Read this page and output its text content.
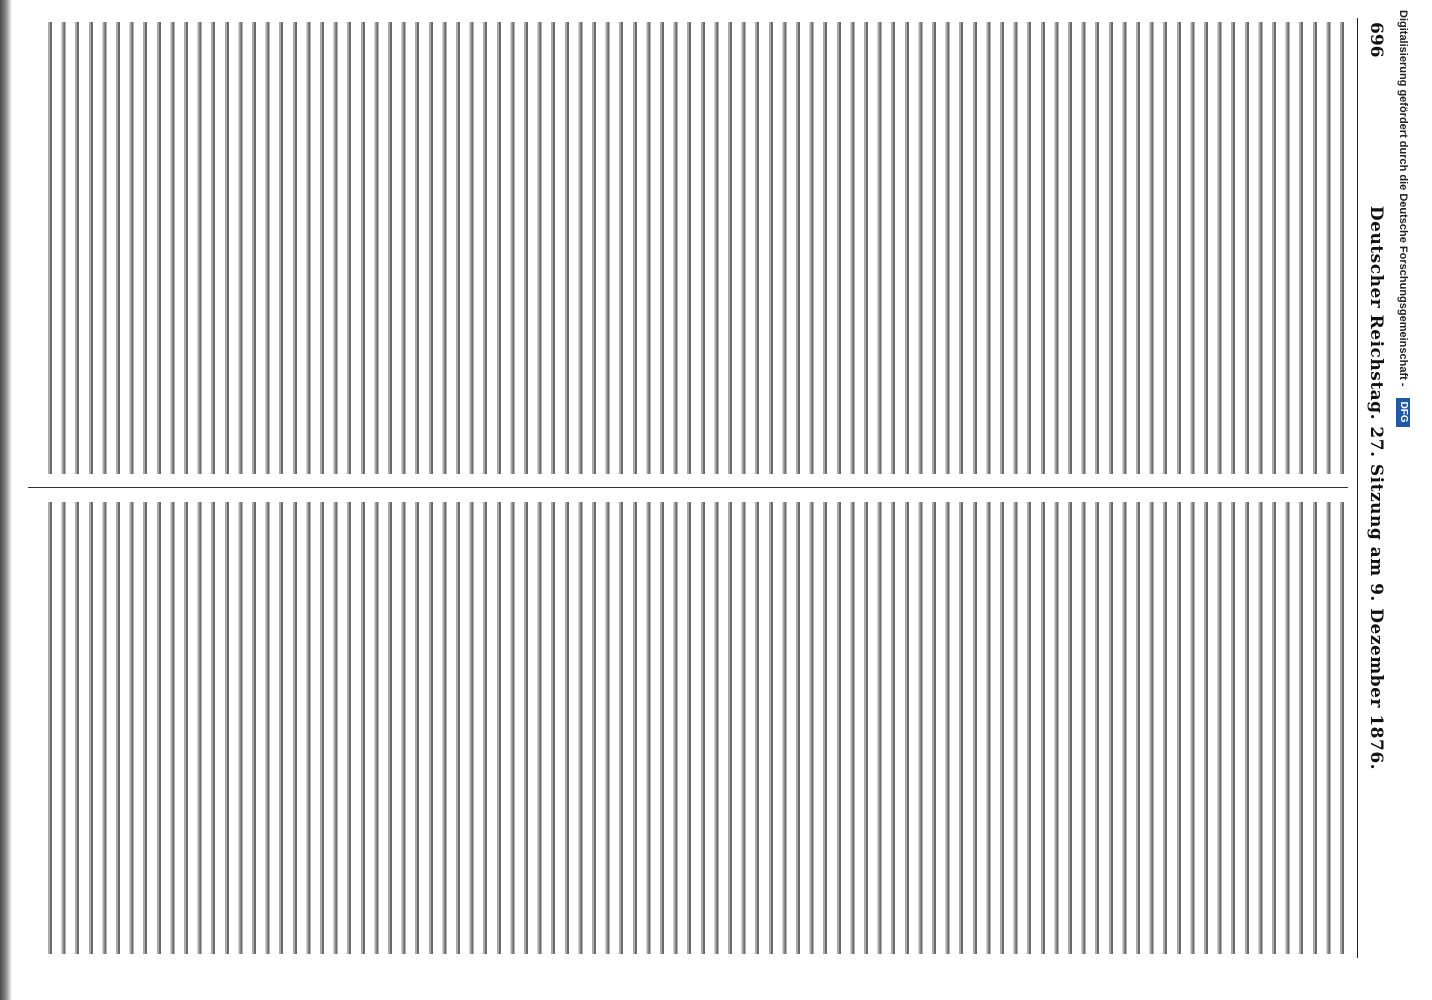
696
Deutscher Reichstag. 27. Sitzung am 9. Dezember 1876.
Digitalisierung gefördert durch die Deutsche Forschungsgemeinschaft - DFG
